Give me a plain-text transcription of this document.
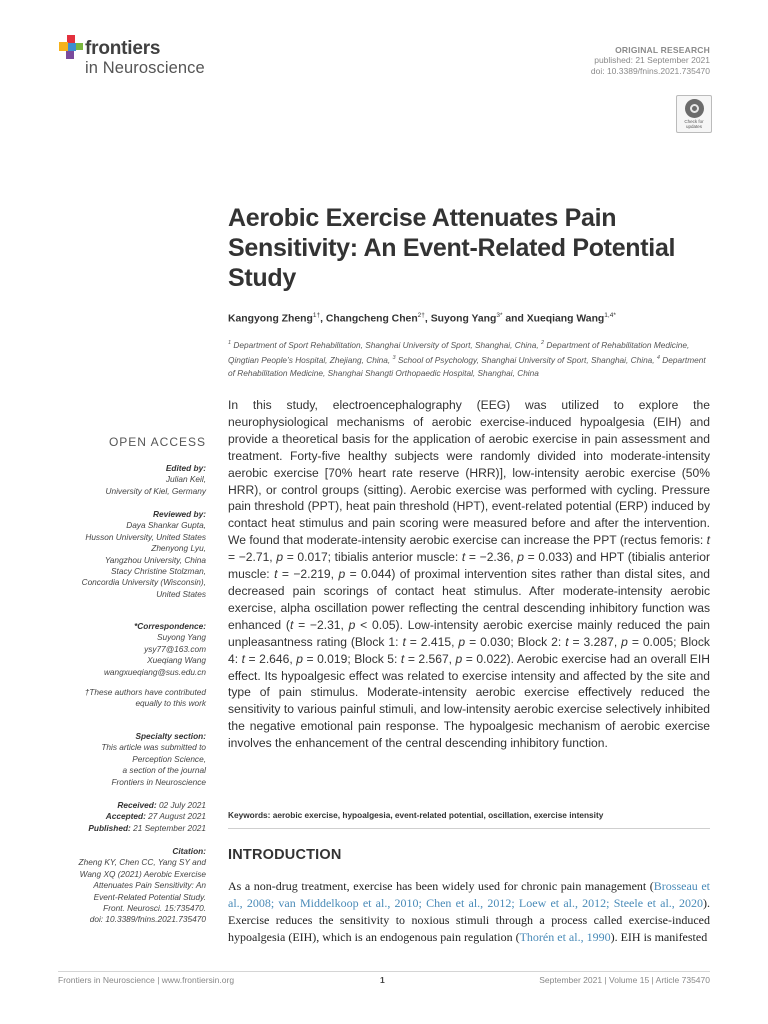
frontiers
in Neuroscience
ORIGINAL RESEARCH
published: 21 September 2021
doi: 10.3389/fnins.2021.735470
Check for updates
Aerobic Exercise Attenuates Pain Sensitivity: An Event-Related Potential Study
Kangyong Zheng$^{1\dagger}$, Changcheng Chen$^{2\dagger}$, Suyong Yang$^{3*}$ and Xueqiang Wang$^{1,4*}$
$^1$ Department of Sport Rehabilitation, Shanghai University of Sport, Shanghai, China, $^2$ Department of Rehabilitation Medicine, Qingtian People’s Hospital, Zhejiang, China, $^3$ School of Psychology, Shanghai University of Sport, Shanghai, China, $^4$ Department of Rehabilitation Medicine, Shanghai Shangti Orthopaedic Hospital, Shanghai, China
OPEN ACCESS
Edited by:
Julian Keil,
University of Kiel, Germany
Reviewed by:
Daya Shankar Gupta,
Husson University, United States
Zhenyong Lyu,
Yangzhou University, China
Stacy Christine Stolzman,
Concordia University (Wisconsin),
United States
*Correspondence:
Suyong Yang
ysy77@163.com
Xueqiang Wang
wangxueqiang@sus.edu.cn
†These authors have contributed
equally to this work
Specialty section:
This article was submitted to
Perception Science,
a section of the journal
Frontiers in Neuroscience
Received: 02 July 2021
Accepted: 27 August 2021
Published: 21 September 2021
Citation:
Zheng KY, Chen CC, Yang SY and
Wang XQ (2021) Aerobic Exercise
Attenuates Pain Sensitivity: An
Event-Related Potential Study.
Front. Neurosci. 15:735470.
doi: 10.3389/fnins.2021.735470

In this study, electroencephalography (EEG) was utilized to explore the neurophysiological mechanisms of aerobic exercise-induced hypoalgesia (EIH) and provide a theoretical basis for the application of aerobic exercise in pain assessment and treatment. Forty-five healthy subjects were randomly divided into moderate-intensity aerobic exercise [70% heart rate reserve (HRR)], low-intensity aerobic exercise (50% HRR), or control groups (sitting). Aerobic exercise was performed with cycling. Pressure pain threshold (PPT), heat pain threshold (HPT), event-related potential (ERP) induced by contact heat stimulus and pain scoring were measured before and after the intervention. We found that moderate-intensity aerobic exercise can increase the PPT (rectus femoris: t = −2.71, p = 0.017; tibialis anterior muscle: t = −2.36, p = 0.033) and HPT (tibialis anterior muscle: t = −2.219, p = 0.044) of proximal intervention sites rather than distal sites, and decreased pain scorings of contact heat stimulus. After moderate-intensity aerobic exercise, alpha oscillation power reflecting the central descending inhibitory function was enhanced (t = −2.31, p < 0.05). Low-intensity aerobic exercise mainly reduced the pain unpleasantness rating (Block 1: t = 2.415, p = 0.030; Block 2: t = 3.287, p = 0.005; Block 4: t = 2.646, p = 0.019; Block 5: t = 2.567, p = 0.022). Aerobic exercise had an overall EIH effect. Its hypoalgesic effect was related to exercise intensity and affected by the site and type of pain stimulus. Moderate-intensity aerobic exercise effectively reduced the sensitivity to various painful stimuli, and low-intensity aerobic exercise selectively inhibited the negative emotional pain response. The hypoalgesic mechanism of aerobic exercise involves the enhancement of the central descending inhibitory function.

Keywords: aerobic exercise, hypoalgesia, event-related potential, oscillation, exercise intensity
INTRODUCTION

As a non-drug treatment, exercise has been widely used for chronic pain management (Brosseau et al., 2008; van Middelkoop et al., 2010; Chen et al., 2012; Loew et al., 2012; Steele et al., 2020). Exercise reduces the sensitivity to noxious stimuli through a process called exercise-induced hypoalgesia (EIH), which is an endogenous pain regulation (Thorén et al., 1990). EIH is manifested

Frontiers in Neuroscience | www.frontiersin.org	1	September 2021 | Volume 15 | Article 735470
